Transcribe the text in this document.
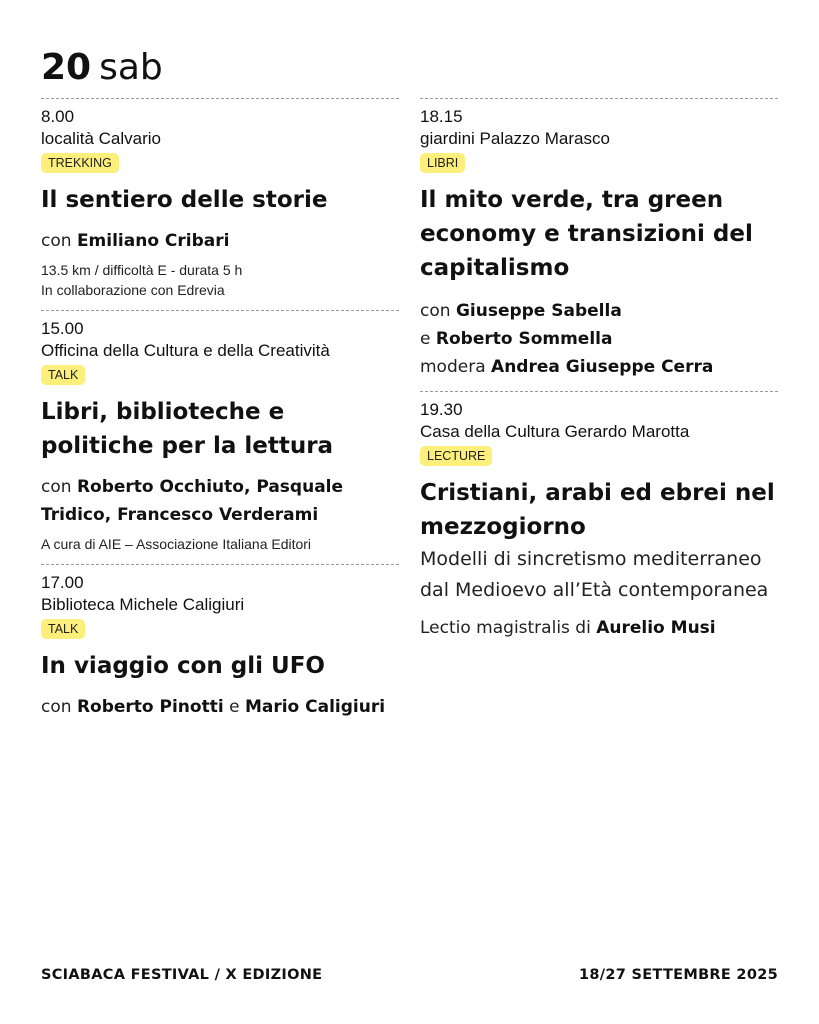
20 sab
8.00
località Calvario
TREKKING
Il sentiero delle storie
con Emiliano Cribari
13.5 km / difficoltà E - durata 5 h
In collaborazione con Edrevia
15.00
Officina della Cultura e della Creatività
TALK
Libri, biblioteche e politiche per la lettura
con Roberto Occhiuto, Pasquale Tridico, Francesco Verderami
A cura di AIE – Associazione Italiana Editori
17.00
Biblioteca Michele Caligiuri
TALK
In viaggio con gli UFO
con Roberto Pinotti e Mario Caligiuri
18.15
giardini Palazzo Marasco
LIBRI
Il mito verde, tra green economy e transizioni del capitalismo
con Giuseppe Sabella
e Roberto Sommella
modera Andrea Giuseppe Cerra
19.30
Casa della Cultura Gerardo Marotta
LECTURE
Cristiani, arabi ed ebrei nel mezzogiorno
Modelli di sincretismo mediterraneo dal Medioevo all’Età contemporanea
Lectio magistralis di Aurelio Musi
SCIABACA FESTIVAL / X EDIZIONE	18/27 SETTEMBRE 2025
